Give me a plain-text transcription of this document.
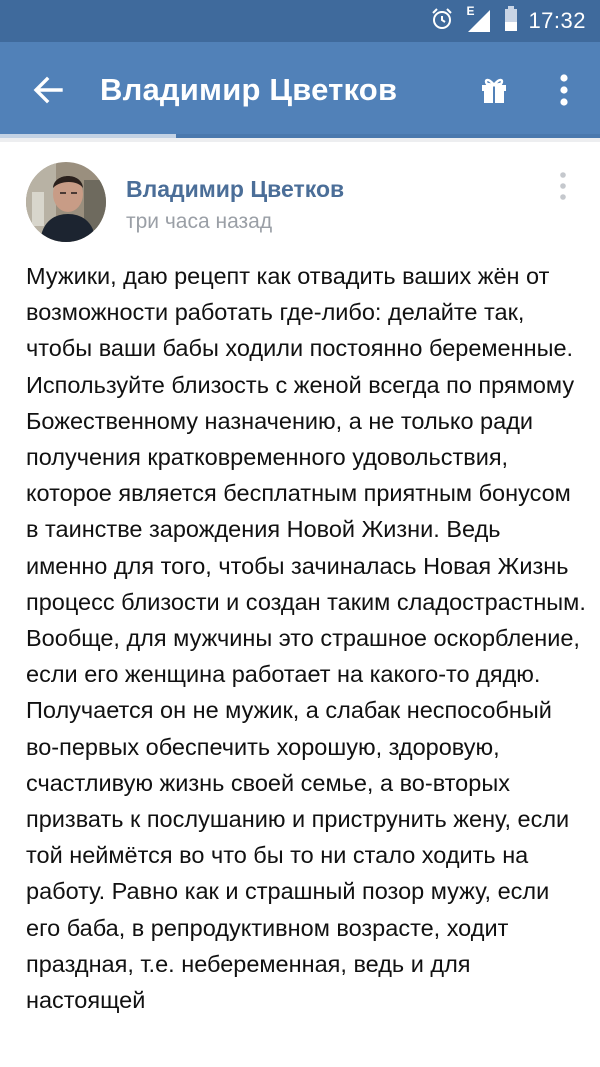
E 17:32
Владимир Цветков
Владимир Цветков
три часа назад

Мужики, даю рецепт как отвадить ваших жён от возможности работать где-либо: делайте так, чтобы ваши бабы ходили постоянно беременные. Используйте близость с женой всегда по прямому Божественному назначению, а не только ради получения кратковременного удовольствия, которое является бесплатным приятным бонусом в таинстве зарождения Новой Жизни. Ведь именно для того, чтобы зачиналась Новая Жизнь процесс близости и создан таким сладострастным.

Вообще, для мужчины это страшное оскорбление, если его женщина работает на какого-то дядю. Получается он не мужик, а слабак неспособный во-первых обеспечить хорошую, здоровую, счастливую жизнь своей семье, а во-вторых призвать к послушанию и приструнить жену, если той неймётся во что бы то ни стало ходить на работу. Равно как и страшный позор мужу, если его баба, в репродуктивном возрасте, ходит праздная, т.е. небеременная, ведь и для настоящей
